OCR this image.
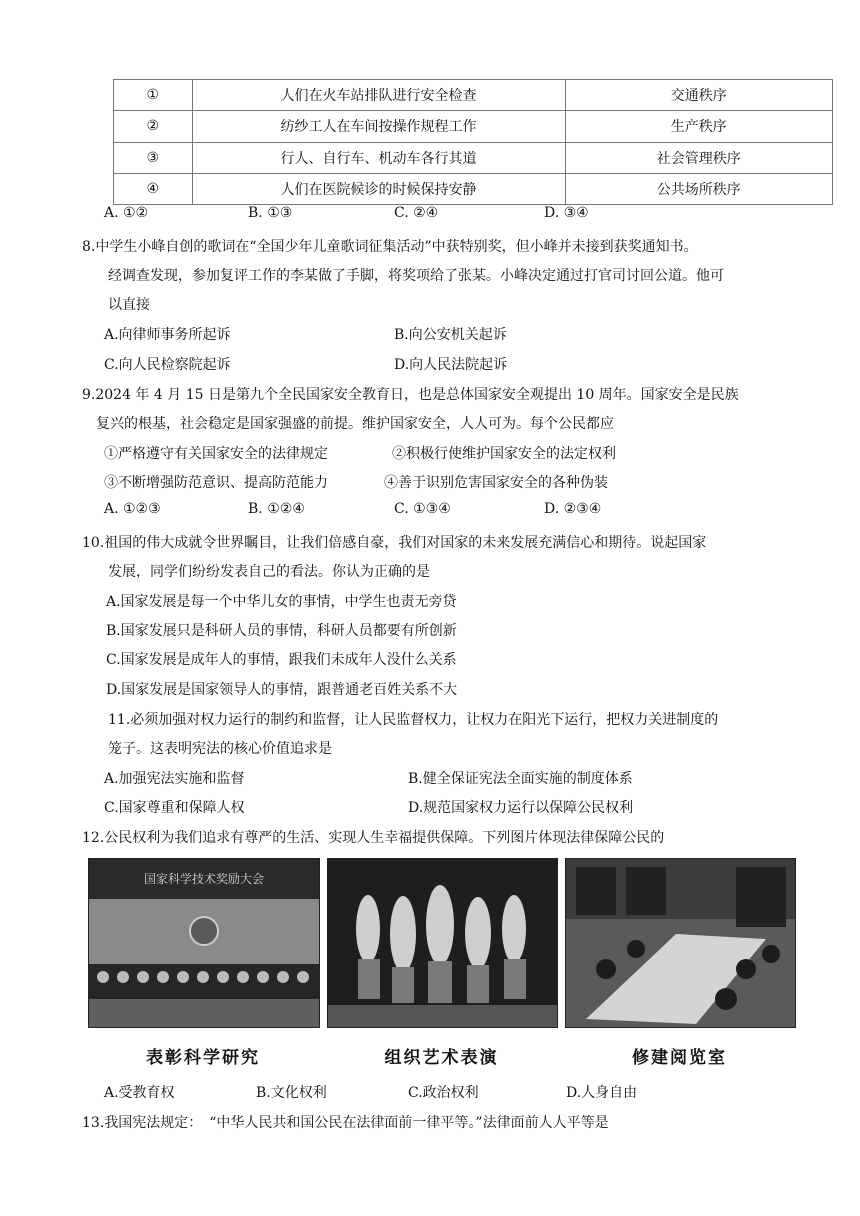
①	人们在火车站排队进行安全检查	交通秩序
②	纺纱工人在车间按操作规程工作	生产秩序
③	行人、自行车、机动车各行其道	社会管理秩序
④	人们在医院候诊的时候保持安静	公共场所秩序
A. ①②	B. ①③	C. ②④	D. ③④
8.中学生小峰自创的歌词在“全国少年儿童歌词征集活动”中获特别奖，但小峰并未接到获奖通知书。
经调查发现，参加复评工作的李某做了手脚，将奖项给了张某。小峰决定通过打官司讨回公道。他可
以直接
A.向律师事务所起诉	B.向公安机关起诉
C.向人民检察院起诉	D.向人民法院起诉
9.2024 年 4 月 15 日是第九个全民国家安全教育日，也是总体国家安全观提出 10 周年。国家安全是民族
复兴的根基，社会稳定是国家强盛的前提。维护国家安全，人人可为。每个公民都应
①严格遵守有关国家安全的法律规定	②积极行使维护国家安全的法定权利
③不断增强防范意识、提高防范能力	④善于识别危害国家安全的各种伪装
A. ①②③	B. ①②④	C. ①③④	D. ②③④
10.祖国的伟大成就令世界瞩目，让我们倍感自豪，我们对国家的未来发展充满信心和期待。说起国家
发展，同学们纷纷发表自己的看法。你认为正确的是
A.国家发展是每一个中华儿女的事情，中学生也责无旁贷
B.国家发展只是科研人员的事情，科研人员都要有所创新
C.国家发展是成年人的事情，跟我们未成年人没什么关系
D.国家发展是国家领导人的事情，跟普通老百姓关系不大
11.必须加强对权力运行的制约和监督，让人民监督权力，让权力在阳光下运行，把权力关进制度的
笼子。这表明宪法的核心价值追求是
A.加强宪法实施和监督	B.健全保证宪法全面实施的制度体系
C.国家尊重和保障人权	D.规范国家权力运行以保障公民权利
12.公民权利为我们追求有尊严的生活、实现人生幸福提供保障。下列图片体现法律保障公民的
国家科学技术奖励大会
表彰科学研究	组织艺术表演	修建阅览室
A.受教育权	B.文化权利	C.政治权利	D.人身自由
13.我国宪法规定：　“中华人民共和国公民在法律面前一律平等。”法律面前人人平等是
